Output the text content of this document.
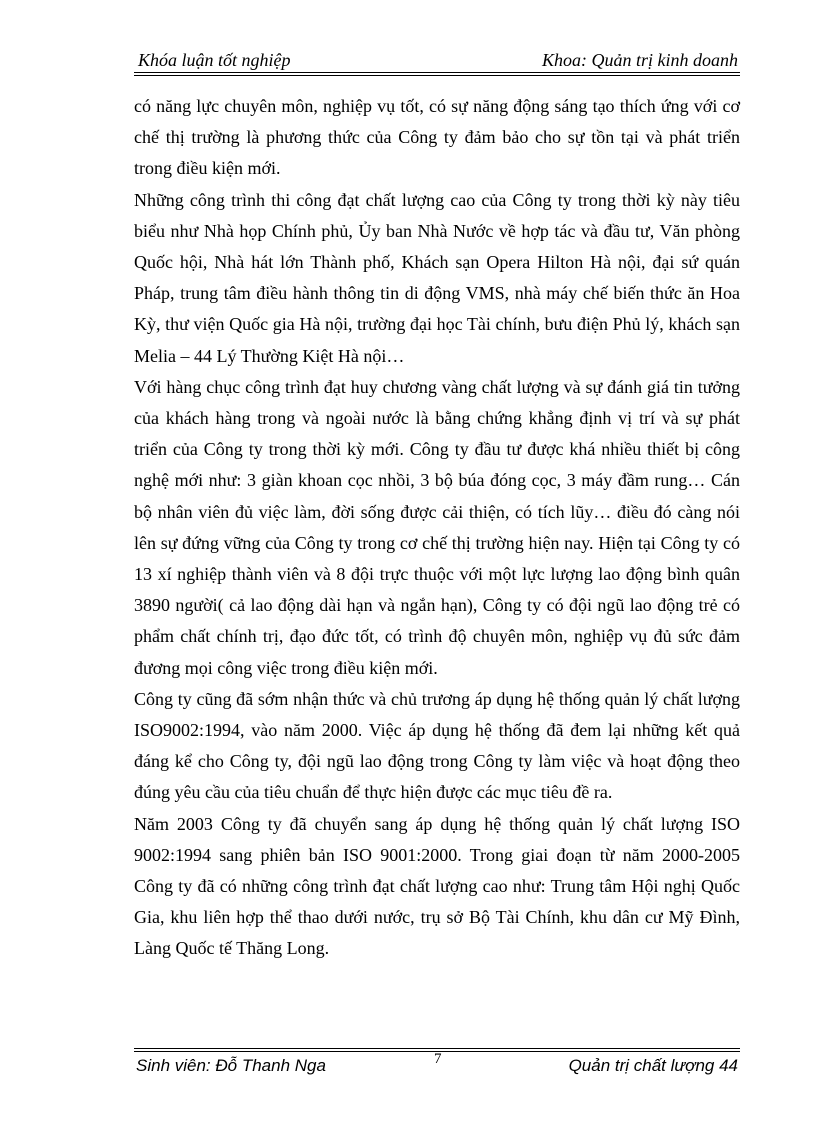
Khóa luận tốt nghiệp	Khoa: Quản trị kinh doanh

có năng lực chuyên môn, nghiệp vụ tốt, có sự năng động sáng tạo thích ứng với cơ chế thị trường là phương thức của Công ty đảm bảo cho sự tồn tại và phát triển trong điều kiện mới.

Những công trình thi công đạt chất lượng cao của Công ty trong thời kỳ này tiêu biểu như Nhà họp Chính phủ, Ủy ban Nhà Nước về hợp tác và đầu tư, Văn phòng Quốc hội, Nhà hát lớn Thành phố, Khách sạn Opera Hilton Hà nội, đại sứ quán Pháp, trung tâm điều hành thông tin di động VMS, nhà máy chế biến thức ăn Hoa Kỳ, thư viện Quốc gia Hà nội, trường đại học Tài chính, bưu điện Phủ lý, khách sạn Melia – 44 Lý Thường Kiệt Hà nội…

Với hàng chục công trình đạt huy chương vàng chất lượng và sự đánh giá tin tưởng của khách hàng trong và ngoài nước là bằng chứng khẳng định vị trí và sự phát triển của Công ty trong thời kỳ mới. Công ty đầu tư được khá nhiều thiết bị công nghệ mới như: 3 giàn khoan cọc nhồi, 3 bộ búa đóng cọc, 3 máy đầm rung… Cán bộ nhân viên đủ việc làm, đời sống được cải thiện, có tích lũy… điều đó càng nói lên sự đứng vững của Công ty trong cơ chế thị trường hiện nay. Hiện tại Công ty có 13 xí nghiệp thành viên và 8 đội trực thuộc với một lực lượng lao động bình quân 3890 người( cả lao động dài hạn và ngắn hạn), Công ty có đội ngũ lao động trẻ có phẩm chất chính trị, đạo đức tốt, có trình độ chuyên môn, nghiệp vụ đủ sức đảm đương mọi công việc trong điều kiện mới.

Công ty cũng đã sớm nhận thức và chủ trương áp dụng hệ thống quản lý chất lượng ISO9002:1994, vào năm 2000. Việc áp dụng hệ thống đã đem lại những kết quả đáng kể cho Công ty, đội ngũ lao động trong Công ty làm việc và hoạt động theo đúng yêu cầu của tiêu chuẩn để thực hiện được các mục tiêu đề ra.

Năm 2003 Công ty đã chuyển sang áp dụng hệ thống quản lý chất lượng ISO 9002:1994 sang phiên bản ISO 9001:2000. Trong giai đoạn từ năm 2000-2005 Công ty đã có những công trình đạt chất lượng cao như: Trung tâm Hội nghị Quốc Gia, khu liên hợp thể thao dưới nước, trụ sở Bộ Tài Chính, khu dân cư Mỹ Đình, Làng Quốc tế Thăng Long.

Sinh viên: Đỗ Thanh Nga	7	Quản trị chất lượng 44
